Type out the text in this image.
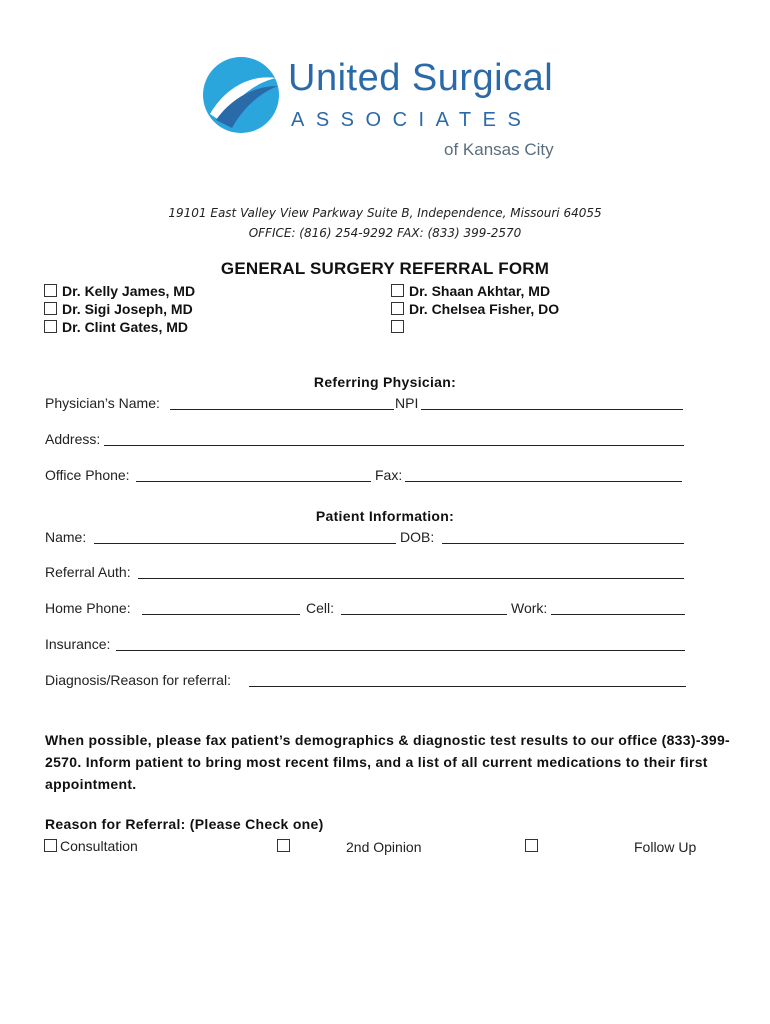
United Surgical
ASSOCIATES
of Kansas City
19101 East Valley View Parkway Suite B, Independence, Missouri 64055
OFFICE: (816) 254-9292 FAX: (833) 399-2570
GENERAL SURGERY REFERRAL FORM
Dr. Kelly James, MD
Dr. Sigi Joseph, MD
Dr. Clint Gates, MD
Dr. Shaan Akhtar, MD
Dr. Chelsea Fisher, DO
Referring Physician:
Physician’s Name:	NPI
Address:
Office Phone:	Fax:
Patient Information:
Name:	DOB:
Referral Auth:
Home Phone:	Cell:	Work:
Insurance:
Diagnosis/Reason for referral:
When possible, please fax patient’s demographics & diagnostic test results to our office (833)-399-2570. Inform patient to bring most recent films, and a list of all current medications to their first appointment.
Reason for Referral: (Please Check one)
Consultation	2nd Opinion	Follow Up
